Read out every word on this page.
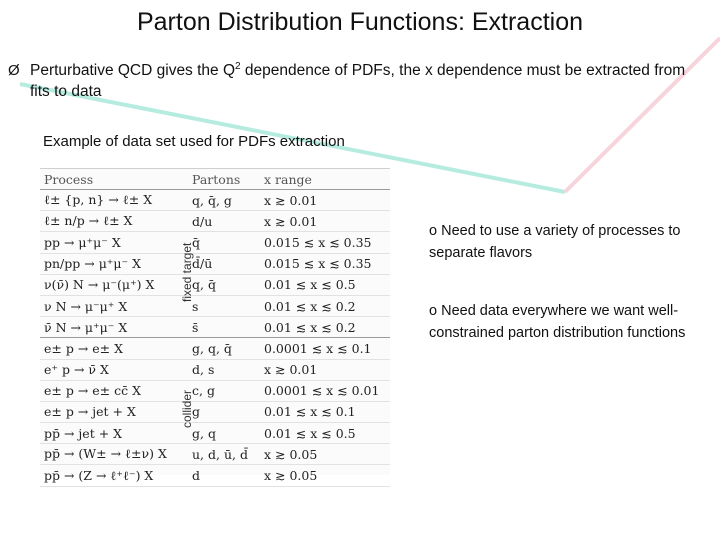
Parton Distribution Functions: Extraction
Ø Perturbative QCD gives the $Q^2$ dependence of PDFs, the x dependence must be extracted from fits to data
Example of data set used for PDFs extraction
Process	Partons	x range
ℓ± {p, n} → ℓ± X	q, q̄, g	x ≳ 0.01
ℓ± n/p → ℓ± X	d/u	x ≳ 0.01
pp → μ⁺μ⁻ X	q̄	0.015 ≲ x ≲ 0.35
pn/pp → μ⁺μ⁻ X	d̄/ū	0.015 ≲ x ≲ 0.35
ν(ν̄) N → μ⁻(μ⁺) X	q, q̄	0.01 ≲ x ≲ 0.5
ν N → μ⁻μ⁺ X	s	0.01 ≲ x ≲ 0.2
ν̄ N → μ⁺μ⁻ X	s̄	0.01 ≲ x ≲ 0.2
e± p → e± X	g, q, q̄	0.0001 ≲ x ≲ 0.1
e⁺ p → ν̄ X	d, s	x ≳ 0.01
e± p → e± cc̄ X	c, g	0.0001 ≲ x ≲ 0.01
e± p → jet + X	g	0.01 ≲ x ≲ 0.1
pp̄ → jet + X	g, q	0.01 ≲ x ≲ 0.5
pp̄ → (W± → ℓ±ν) X	u, d, ū, d̄	x ≳ 0.05
pp̄ → (Z → ℓ⁺ℓ⁻) X	d	x ≳ 0.05
fixed target
collider
o Need to use a variety of processes to separate flavors
o Need data everywhere we want well-constrained parton distribution functions
